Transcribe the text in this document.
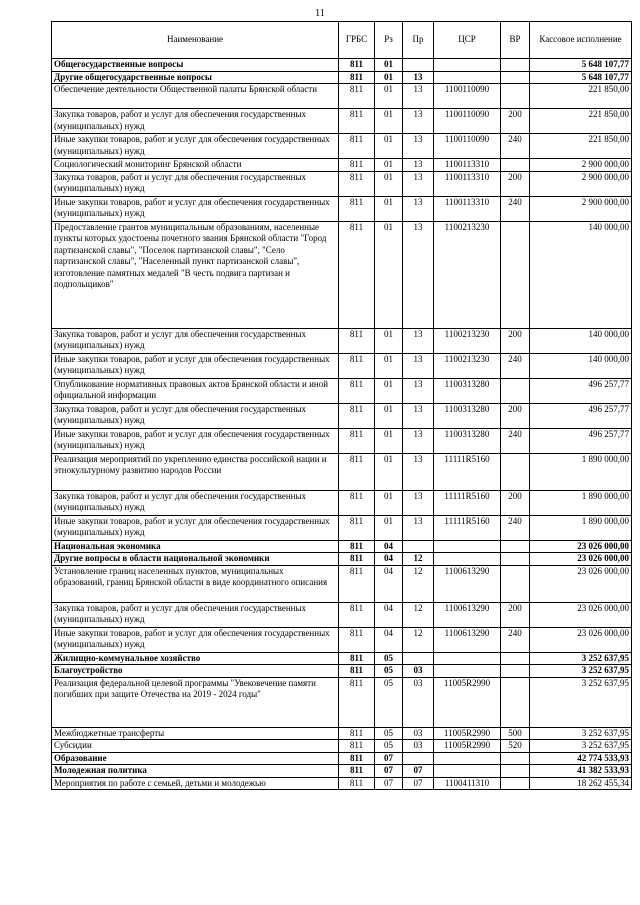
11
Наименование	ГРБС	Рз	Пр	ЦСР	ВР	Кассовое исполнение
Общегосударственные вопросы	811	01				5 648 107,77
Другие общегосударственные вопросы	811	01	13			5 648 107,77
Обеспечение деятельности Общественной палаты Брянской области	811	01	13	1100110090		221 850,00
Закупка товаров, работ и услуг для обеспечения государственных (муниципальных) нужд	811	01	13	1100110090	200	221 850,00
Иные закупки товаров, работ и услуг для обеспечения государственных (муниципальных) нужд	811	01	13	1100110090	240	221 850,00
Социологический мониторинг Брянской области	811	01	13	1100113310		2 900 000,00
Закупка товаров, работ и услуг для обеспечения государственных (муниципальных) нужд	811	01	13	1100113310	200	2 900 000,00
Иные закупки товаров, работ и услуг для обеспечения государственных (муниципальных) нужд	811	01	13	1100113310	240	2 900 000,00
Предоставление грантов муниципальным образованиям, населенные пункты которых удостоены почетного звания Брянской области "Город партизанской славы", "Поселок партизанской славы", "Село партизанской славы", "Населенный пункт партизанской славы", изготовление памятных медалей "В честь подвига партизан и подпольщиков"	811	01	13	1100213230		140 000,00
Закупка товаров, работ и услуг для обеспечения государственных (муниципальных) нужд	811	01	13	1100213230	200	140 000,00
Иные закупки товаров, работ и услуг для обеспечения государственных (муниципальных) нужд	811	01	13	1100213230	240	140 000,00
Опубликование нормативных правовых актов Брянской области и иной официальной информации	811	01	13	1100313280		496 257,77
Закупка товаров, работ и услуг для обеспечения государственных (муниципальных) нужд	811	01	13	1100313280	200	496 257,77
Иные закупки товаров, работ и услуг для обеспечения государственных (муниципальных) нужд	811	01	13	1100313280	240	496 257,77
Реализация мероприятий по укреплению единства российской нации и этнокультурному развитию народов России	811	01	13	11111R5160		1 890 000,00
Закупка товаров, работ и услуг для обеспечения государственных (муниципальных) нужд	811	01	13	11111R5160	200	1 890 000,00
Иные закупки товаров, работ и услуг для обеспечения государственных (муниципальных) нужд	811	01	13	11111R5160	240	1 890 000,00
Национальная экономика	811	04				23 026 000,00
Другие вопросы в области национальной экономики	811	04	12			23 026 000,00
Установление границ населенных пунктов, муниципальных образований, границ Брянской области в виде координатного описания	811	04	12	1100613290		23 026 000,00
Закупка товаров, работ и услуг для обеспечения государственных (муниципальных) нужд	811	04	12	1100613290	200	23 026 000,00
Иные закупки товаров, работ и услуг для обеспечения государственных (муниципальных) нужд	811	04	12	1100613290	240	23 026 000,00
Жилищно-коммунальное хозяйство	811	05				3 252 637,95
Благоустройство	811	05	03			3 252 637,95
Реализация федеральной целевой программы "Увековечение памяти погибших при защите Отечества на 2019 - 2024 годы"	811	05	03	11005R2990		3 252 637,95
Межбюджетные трансферты	811	05	03	11005R2990	500	3 252 637,95
Субсидии	811	05	03	11005R2990	520	3 252 637,95
Образование	811	07				42 774 533,93
Молодежная политика	811	07	07			41 382 533,93
Мероприятия по работе с семьей, детьми и молодежью	811	07	07	1100411310		18 262 455,34
